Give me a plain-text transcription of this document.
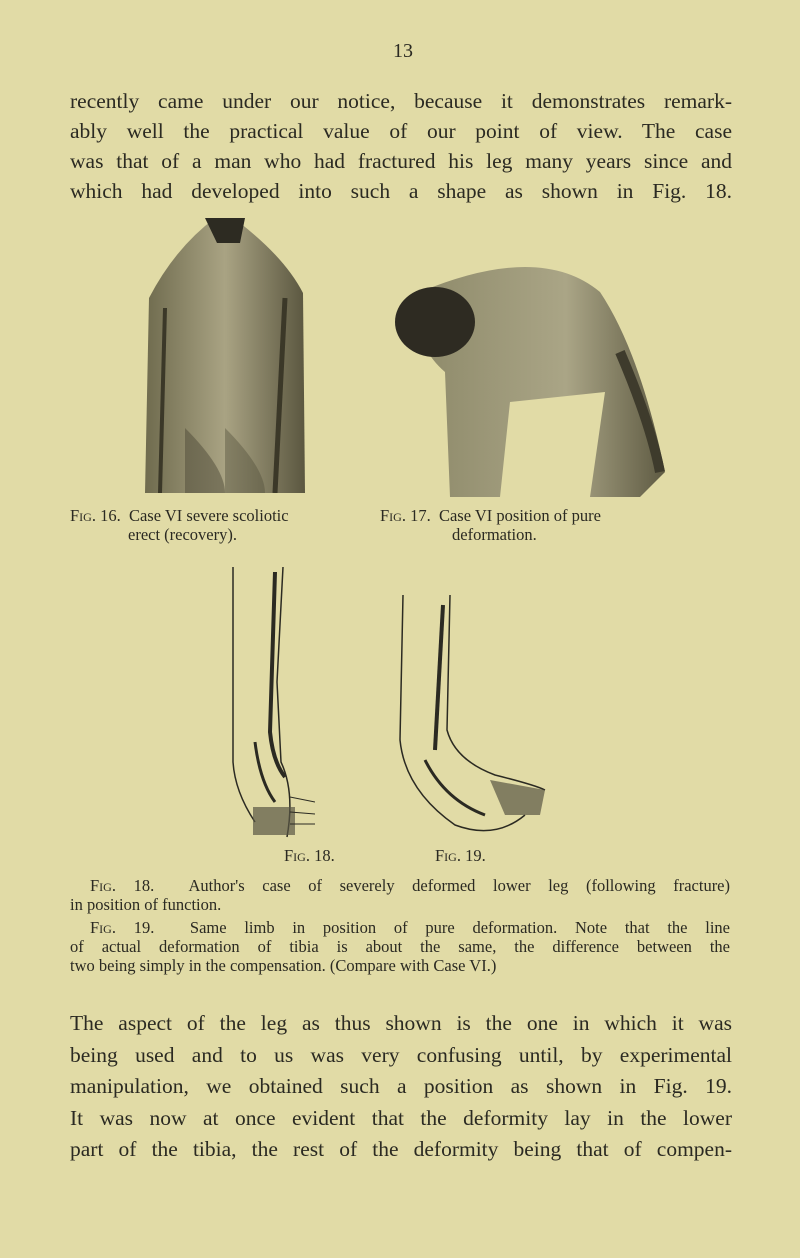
13
recently came under our notice, because it demonstrates remark-
ably well the practical value of our point of view. The case
was that of a man who had fractured his leg many years since and
which had developed into such a shape as shown in Fig. 18.
Fig. 16. Case VI severe scoliotic
erect (recovery).
Fig. 17. Case VI position of pure
deformation.
Fig. 18.	Fig. 19.
Fig. 18. Author's case of severely deformed lower leg (following fracture)
in position of function.
Fig. 19. Same limb in position of pure deformation. Note that the line
of actual deformation of tibia is about the same, the difference between the
two being simply in the compensation. (Compare with Case VI.)
The aspect of the leg as thus shown is the one in which it was
being used and to us was very confusing until, by experimental
manipulation, we obtained such a position as shown in Fig. 19.
It was now at once evident that the deformity lay in the lower
part of the tibia, the rest of the deformity being that of compen-
